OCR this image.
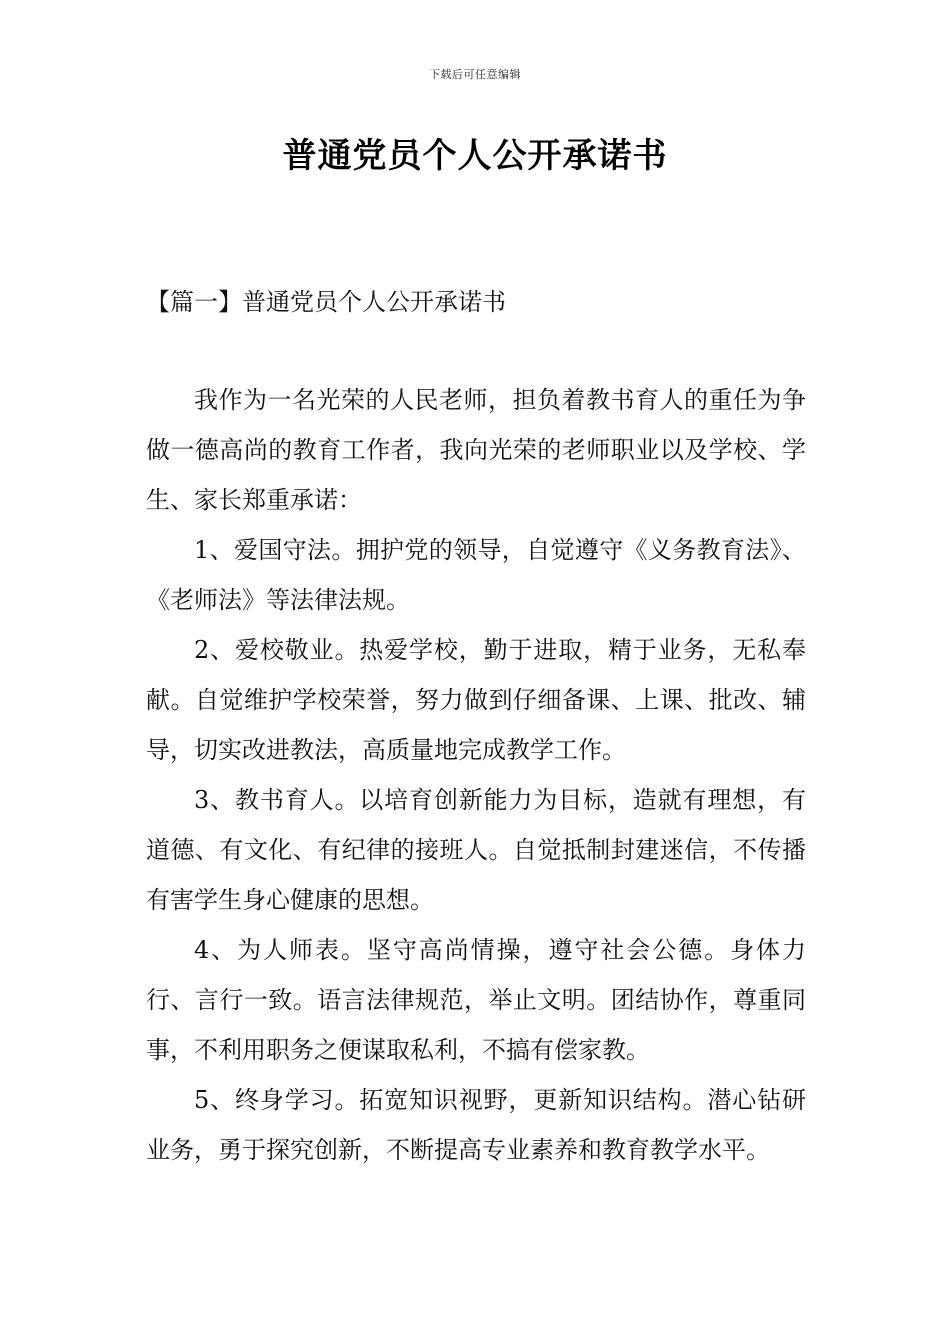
下载后可任意编辑
普通党员个人公开承诺书
【篇一】普通党员个人公开承诺书

我作为一名光荣的人民老师，担负着教书育人的重任为争做一德高尚的教育工作者，我向光荣的老师职业以及学校、学生、家长郑重承诺：

1、爱国守法。拥护党的领导，自觉遵守《义务教育法》、《老师法》等法律法规。

2、爱校敬业。热爱学校，勤于进取，精于业务，无私奉献。自觉维护学校荣誉，努力做到仔细备课、上课、批改、辅导，切实改进教法，高质量地完成教学工作。

3、教书育人。以培育创新能力为目标，造就有理想，有道德、有文化、有纪律的接班人。自觉抵制封建迷信，不传播有害学生身心健康的思想。

4、为人师表。坚守高尚情操，遵守社会公德。身体力行、言行一致。语言法律规范，举止文明。团结协作，尊重同事，不利用职务之便谋取私利，不搞有偿家教。

5、终身学习。拓宽知识视野，更新知识结构。潜心钻研业务，勇于探究创新，不断提高专业素养和教育教学水平。
